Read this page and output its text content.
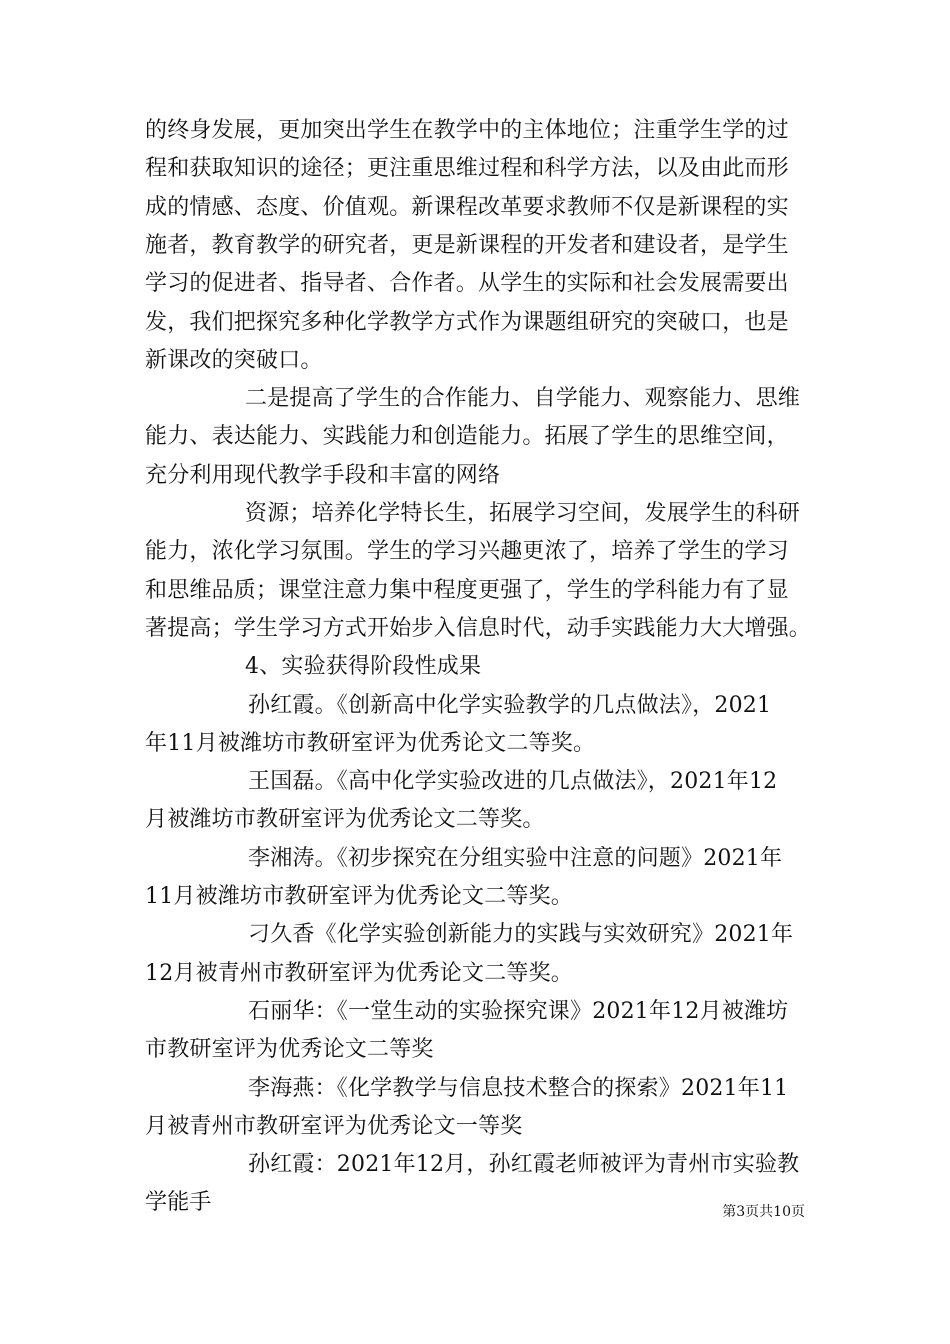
的终身发展，更加突出学生在教学中的主体地位；注重学生学的过
程和获取知识的途径；更注重思维过程和科学方法，以及由此而形
成的情感、态度、价值观。新课程改革要求教师不仅是新课程的实
施者，教育教学的研究者，更是新课程的开发者和建设者，是学生
学习的促进者、指导者、合作者。从学生的实际和社会发展需要出
发，我们把探究多种化学教学方式作为课题组研究的突破口，也是
新课改的突破口。
二是提高了学生的合作能力、自学能力、观察能力、思维
能力、表达能力、实践能力和创造能力。拓展了学生的思维空间，
充分利用现代教学手段和丰富的网络
资源；培养化学特长生，拓展学习空间，发展学生的科研
能力，浓化学习氛围。学生的学习兴趣更浓了，培养了学生的学习
和思维品质；课堂注意力集中程度更强了，学生的学科能力有了显
著提高；学生学习方式开始步入信息时代，动手实践能力大大增强。
4、实验获得阶段性成果
孙红霞。《创新高中化学实验教学的几点做法》，2021
年11月被潍坊市教研室评为优秀论文二等奖。
王国磊。《高中化学实验改进的几点做法》，2021年12
月被潍坊市教研室评为优秀论文二等奖。
李湘涛。《初步探究在分组实验中注意的问题》2021年
11月被潍坊市教研室评为优秀论文二等奖。
刁久香《化学实验创新能力的实践与实效研究》2021年
12月被青州市教研室评为优秀论文二等奖。
石丽华：《一堂生动的实验探究课》2021年12月被潍坊
市教研室评为优秀论文二等奖
李海燕：《化学教学与信息技术整合的探索》2021年11
月被青州市教研室评为优秀论文一等奖
孙红霞：2021年12月，孙红霞老师被评为青州市实验教
学能手	第3页共10页
